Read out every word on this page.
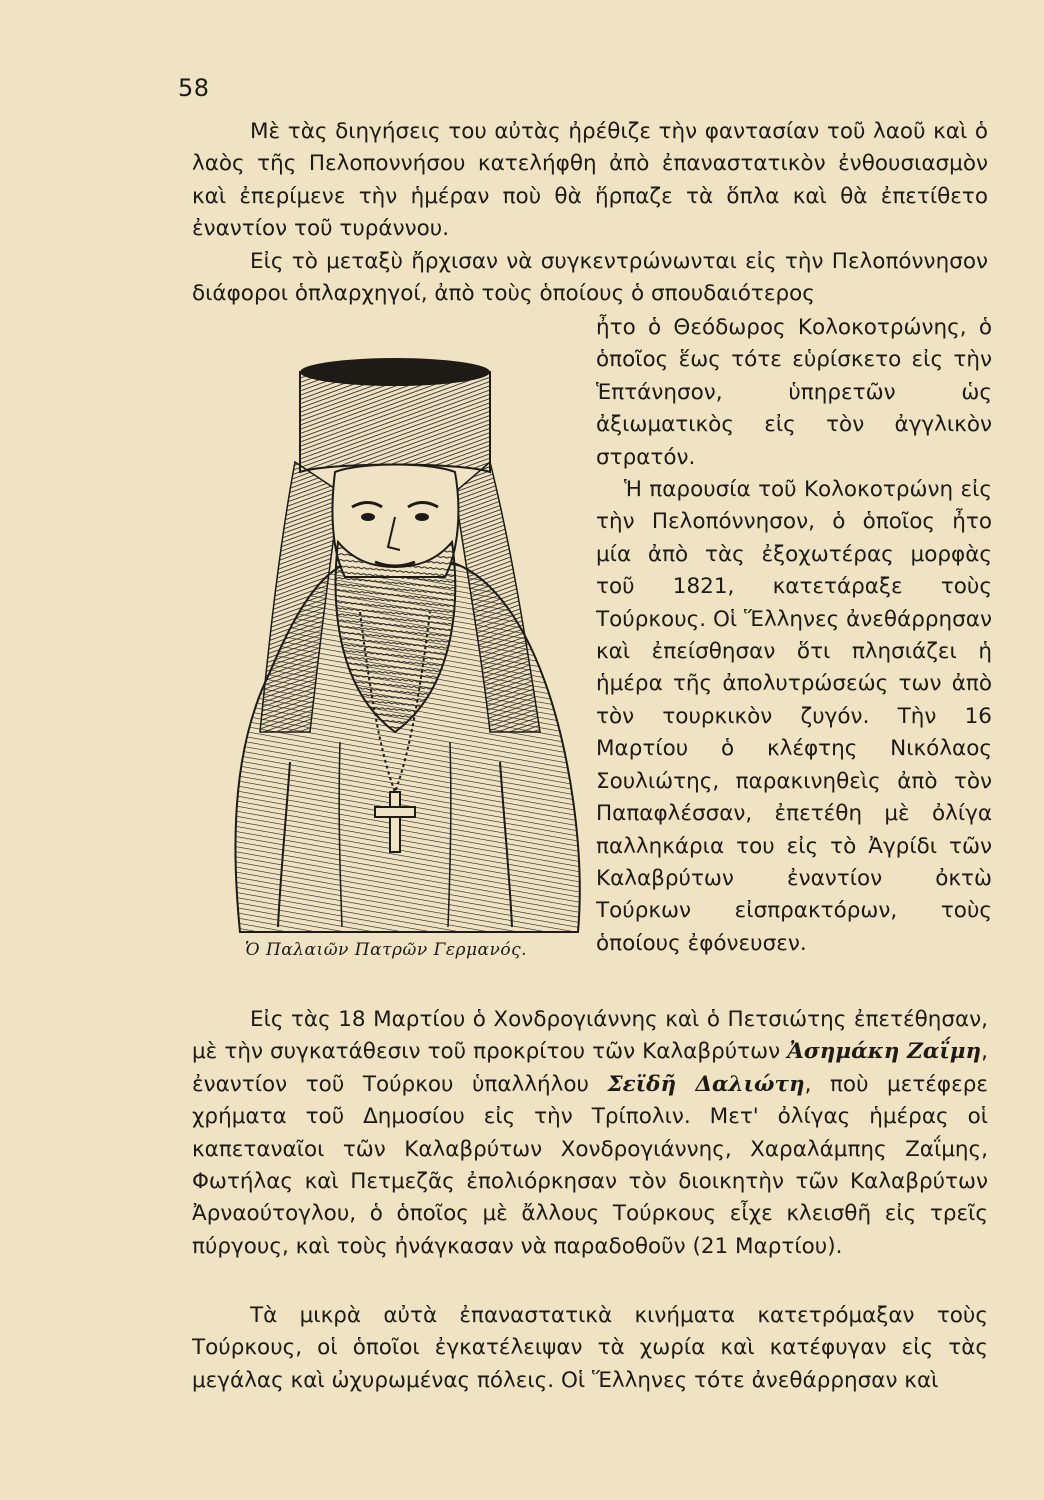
58

Μὲ τὰς διηγήσεις του αὐτὰς ἠρέθιζε τὴν φαντασίαν τοῦ λαοῦ καὶ ὁ λαὸς τῆς Πελοποννήσου κατελήφθη ἀπὸ ἐπαναστατικὸν ἐνθουσιασμὸν καὶ ἐπερίμενε τὴν ἡμέραν ποὺ θὰ ἥρπαζε τὰ ὅπλα καὶ θὰ ἐπετίθετο ἐναντίον τοῦ τυράννου.

Εἰς τὸ μεταξὺ ἤρχισαν νὰ συγκεντρώνωνται εἰς τὴν Πελοπόννησον διάφοροι ὁπλαρχηγοί, ἀπὸ τοὺς ὁποίους ὁ σπουδαιότερος

ἦτο ὁ Θεόδωρος Κολοκοτρώνης, ὁ ὁποῖος ἕως τότε εὑρίσκετο εἰς τὴν Ἑπτάνησον, ὑπηρετῶν ὡς ἀξιωματικὸς εἰς τὸν ἀγγλικὸν στρατόν.

Ἡ παρουσία τοῦ Κολοκοτρώνη εἰς τὴν Πελοπόννησον, ὁ ὁποῖος ἦτο μία ἀπὸ τὰς ἐξοχωτέρας μορφὰς τοῦ 1821, κατετάραξε τοὺς Τούρκους. Οἱ Ἕλληνες ἀνεθάρρησαν καὶ ἐπείσθησαν ὅτι πλησιάζει ἡ ἡμέρα τῆς ἀπολυτρώσεώς των ἀπὸ τὸν τουρκικὸν ζυγόν. Τὴν 16 Μαρτίου ὁ κλέφτης Νικόλαος Σουλιώτης, παρακινηθεὶς ἀπὸ τὸν Παπαφλέσσαν, ἐπετέθη μὲ ὀλίγα παλληκάρια του εἰς τὸ Ἀγρίδι τῶν Καλαβρύτων ἐναντίον ὀκτὼ Τούρκων εἰσπρακτόρων, τοὺς ὁποίους ἐφόνευσεν.

Ὁ Παλαιῶν Πατρῶν Γερμανός.

Εἰς τὰς 18 Μαρτίου ὁ Χονδρογιάννης καὶ ὁ Πετσιώτης ἐπετέθησαν, μὲ τὴν συγκατάθεσιν τοῦ προκρίτου τῶν Καλαβρύτων Ἀσημάκη Ζαΐμη, ἐναντίον τοῦ Τούρκου ὑπαλλήλου Σεϊδῆ Δαλιώτη, ποὺ μετέφερε χρήματα τοῦ Δημοσίου εἰς τὴν Τρίπολιν. Μετ' ὀλίγας ἡμέρας οἱ καπεταναῖοι τῶν Καλαβρύτων Χονδρογιάννης, Χαραλάμπης Ζαΐμης, Φωτήλας καὶ Πετμεζᾶς ἐπολιόρκησαν τὸν διοικητὴν τῶν Καλαβρύτων Ἀρναούτογλου, ὁ ὁποῖος μὲ ἄλλους Τούρκους εἶχε κλεισθῆ εἰς τρεῖς πύργους, καὶ τοὺς ἠνάγκασαν νὰ παραδοθοῦν (21 Μαρτίου).

Τὰ μικρὰ αὐτὰ ἐπαναστατικὰ κινήματα κατετρόμαξαν τοὺς Τούρκους, οἱ ὁποῖοι ἐγκατέλειψαν τὰ χωρία καὶ κατέφυγαν εἰς τὰς μεγάλας καὶ ὠχυρωμένας πόλεις. Οἱ Ἕλληνες τότε ἀνεθάρρησαν καὶ
